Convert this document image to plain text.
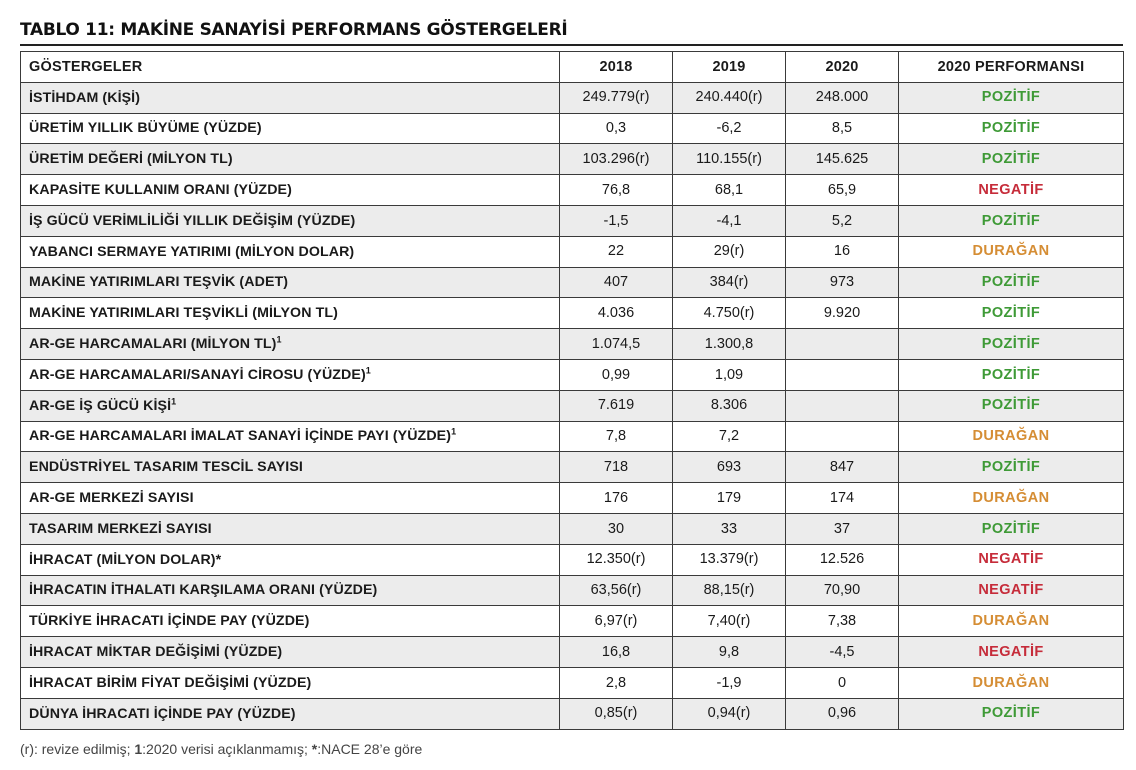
TABLO 11: MAKİNE SANAYİSİ PERFORMANS GÖSTERGELERİ
GÖSTERGELER	2018	2019	2020	2020 PERFORMANSI
İSTİHDAM (KİŞİ)	249.779(r)	240.440(r)	248.000	POZİTİF
ÜRETİM YILLIK BÜYÜME (YÜZDE)	0,3	-6,2	8,5	POZİTİF
ÜRETİM DEĞERİ (MİLYON TL)	103.296(r)	110.155(r)	145.625	POZİTİF
KAPASİTE KULLANIM ORANI (YÜZDE)	76,8	68,1	65,9	NEGATİF
İŞ GÜCÜ VERİMLİLİĞİ YILLIK DEĞİŞİM (YÜZDE)	-1,5	-4,1	5,2	POZİTİF
YABANCI SERMAYE YATIRIMI (MİLYON DOLAR)	22	29(r)	16	DURAĞAN
MAKİNE YATIRIMLARI TEŞVİK (ADET)	407	384(r)	973	POZİTİF
MAKİNE YATIRIMLARI TEŞVİKLİ (MİLYON TL)	4.036	4.750(r)	9.920	POZİTİF
AR-GE HARCAMALARI (MİLYON TL)$^1$	1.074,5	1.300,8		POZİTİF
AR-GE HARCAMALARI/SANAYİ CİROSU (YÜZDE)$^1$	0,99	1,09		POZİTİF
AR-GE İŞ GÜCÜ KİŞİ$^1$	7.619	8.306		POZİTİF
AR-GE HARCAMALARI İMALAT SANAYİ İÇİNDE PAYI (YÜZDE)$^1$	7,8	7,2		DURAĞAN
ENDÜSTRİYEL TASARIM TESCİL SAYISI	718	693	847	POZİTİF
AR-GE MERKEZİ SAYISI	176	179	174	DURAĞAN
TASARIM MERKEZİ SAYISI	30	33	37	POZİTİF
İHRACAT (MİLYON DOLAR)*	12.350(r)	13.379(r)	12.526	NEGATİF
İHRACATIN İTHALATI KARŞILAMA ORANI (YÜZDE)	63,56(r)	88,15(r)	70,90	NEGATİF
TÜRKİYE İHRACATI İÇİNDE PAY (YÜZDE)	6,97(r)	7,40(r)	7,38	DURAĞAN
İHRACAT MİKTAR DEĞİŞİMİ (YÜZDE)	16,8	9,8	-4,5	NEGATİF
İHRACAT BİRİM FİYAT DEĞİŞİMİ (YÜZDE)	2,8	-1,9	0	DURAĞAN
DÜNYA İHRACATI İÇİNDE PAY (YÜZDE)	0,85(r)	0,94(r)	0,96	POZİTİF
(r): revize edilmiş; 1:2020 verisi açıklanmamış; *:NACE 28’e göre
